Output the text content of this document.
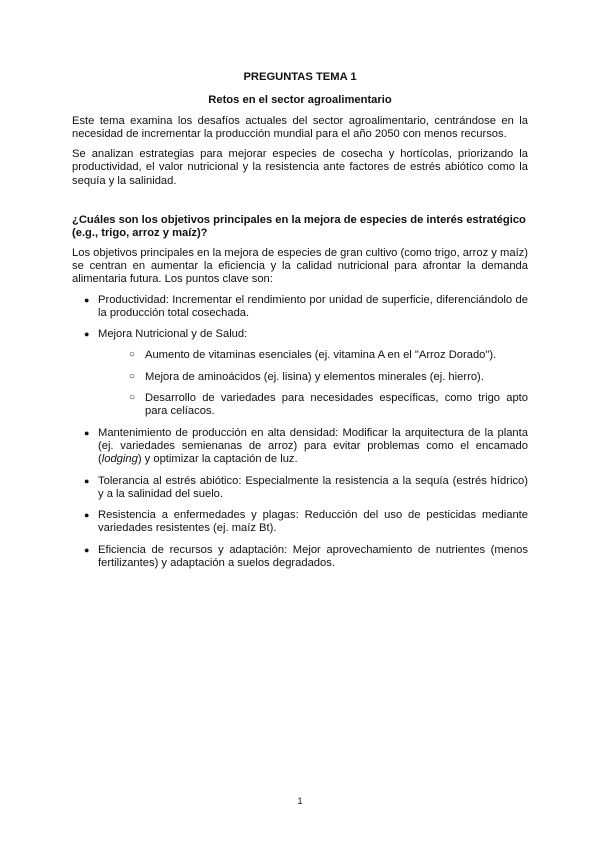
PREGUNTAS TEMA 1
Retos en el sector agroalimentario

Este tema examina los desafíos actuales del sector agroalimentario, centrándose en la necesidad de incrementar la producción mundial para el año 2050 con menos recursos.

Se analizan estrategias para mejorar especies de cosecha y hortícolas, priorizando la productividad, el valor nutricional y la resistencia ante factores de estrés abiótico como la sequía y la salinidad.

¿Cuáles son los objetivos principales en la mejora de especies de interés estratégico (e.g., trigo, arroz y maíz)?

Los objetivos principales en la mejora de especies de gran cultivo (como trigo, arroz y maíz) se centran en aumentar la eficiencia y la calidad nutricional para afrontar la demanda alimentaria futura. Los puntos clave son:

● Productividad: Incrementar el rendimiento por unidad de superficie, diferenciándolo de la producción total cosechada.
● Mejora Nutricional y de Salud:
○ Aumento de vitaminas esenciales (ej. vitamina A en el "Arroz Dorado").
○ Mejora de aminoácidos (ej. lisina) y elementos minerales (ej. hierro).
○ Desarrollo de variedades para necesidades específicas, como trigo apto para celíacos.
● Mantenimiento de producción en alta densidad: Modificar la arquitectura de la planta (ej. variedades semienanas de arroz) para evitar problemas como el encamado (lodging) y optimizar la captación de luz.
● Tolerancia al estrés abiótico: Especialmente la resistencia a la sequía (estrés hídrico) y a la salinidad del suelo.
● Resistencia a enfermedades y plagas: Reducción del uso de pesticidas mediante variedades resistentes (ej. maíz Bt).
● Eficiencia de recursos y adaptación: Mejor aprovechamiento de nutrientes (menos fertilizantes) y adaptación a suelos degradados.
1
